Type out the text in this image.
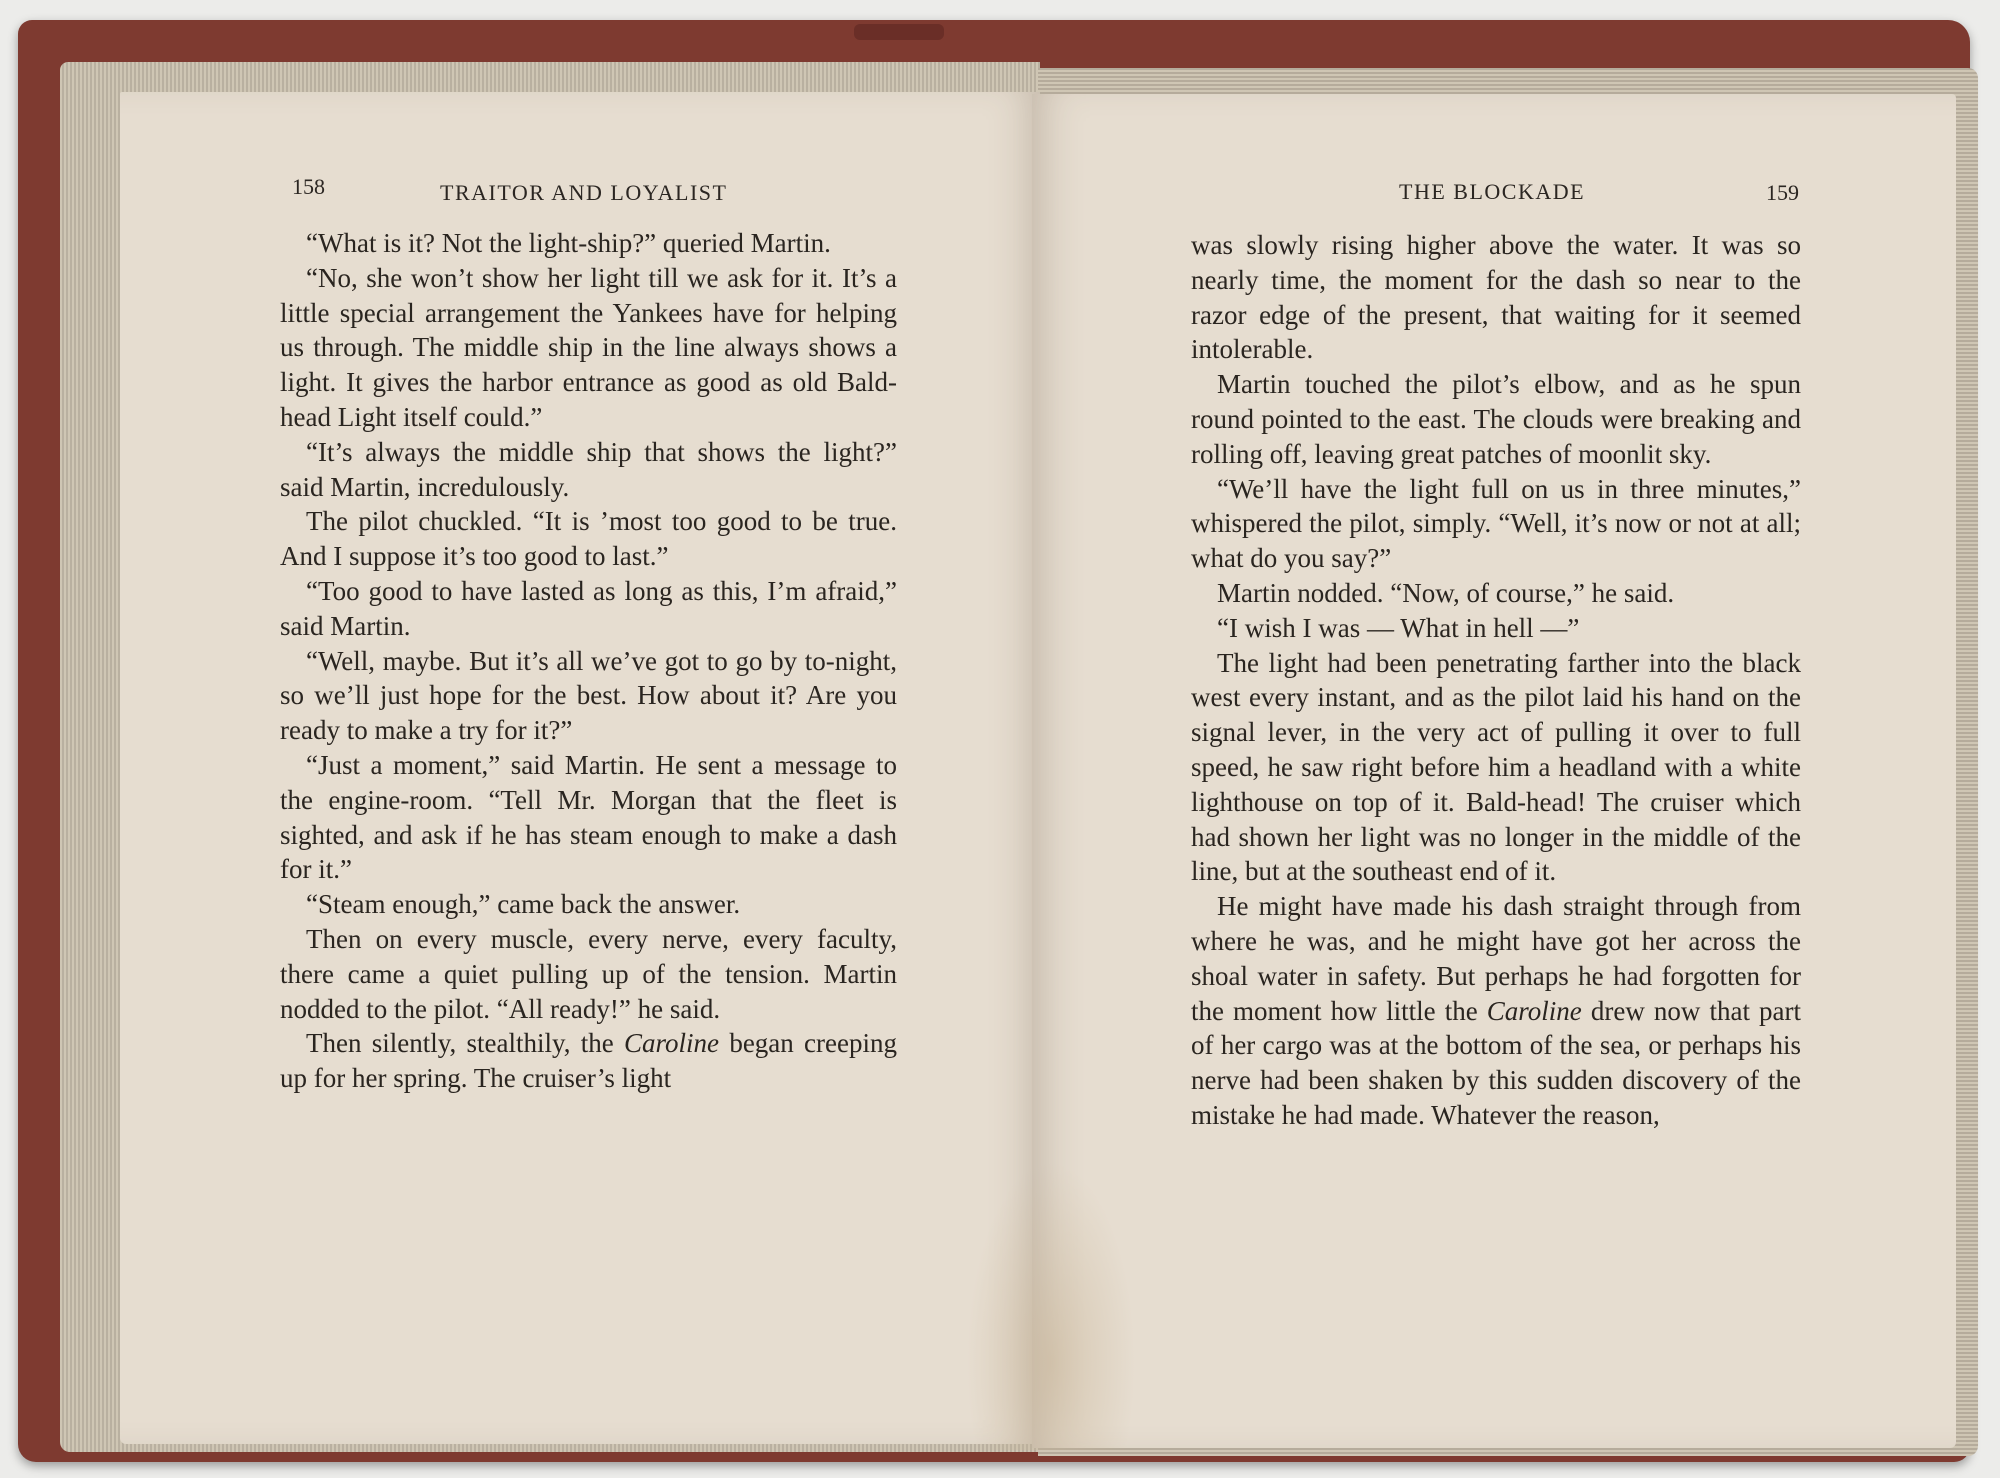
158	TRAITOR AND LOYALIST	THE BLOCKADE	159

“What is it? Not the light-ship?” queried Martin.

“No, she won’t show her light till we ask for it. It’s a little special arrangement the Yankees have for helping us through. The middle ship in the line always shows a light. It gives the harbor entrance as good as old Bald-head Light itself could.”

“It’s always the middle ship that shows the light?” said Martin, incredulously.

The pilot chuckled. “It is ’most too good to be true. And I suppose it’s too good to last.”

“Too good to have lasted as long as this, I’m afraid,” said Martin.

“Well, maybe. But it’s all we’ve got to go by to-night, so we’ll just hope for the best. How about it? Are you ready to make a try for it?”

“Just a moment,” said Martin. He sent a message to the engine-room. “Tell Mr. Morgan that the fleet is sighted, and ask if he has steam enough to make a dash for it.”

“Steam enough,” came back the answer.

Then on every muscle, every nerve, every faculty, there came a quiet pulling up of the tension. Martin nodded to the pilot. “All ready!” he said.

Then silently, stealthily, the Caroline began creeping up for her spring. The cruiser’s light

was slowly rising higher above the water. It was so nearly time, the moment for the dash so near to the razor edge of the present, that waiting for it seemed intolerable.

Martin touched the pilot’s elbow, and as he spun round pointed to the east. The clouds were breaking and rolling off, leaving great patches of moonlit sky.

“We’ll have the light full on us in three minutes,” whispered the pilot, simply. “Well, it’s now or not at all; what do you say?”

Martin nodded. “Now, of course,” he said.

“I wish I was — What in hell —”

The light had been penetrating farther into the black west every instant, and as the pilot laid his hand on the signal lever, in the very act of pulling it over to full speed, he saw right before him a headland with a white lighthouse on top of it. Bald-head! The cruiser which had shown her light was no longer in the middle of the line, but at the southeast end of it.

He might have made his dash straight through from where he was, and he might have got her across the shoal water in safety. But perhaps he had forgotten for the moment how little the Caroline drew now that part of her cargo was at the bottom of the sea, or perhaps his nerve had been shaken by this sudden discovery of the mistake he had made. Whatever the reason,
